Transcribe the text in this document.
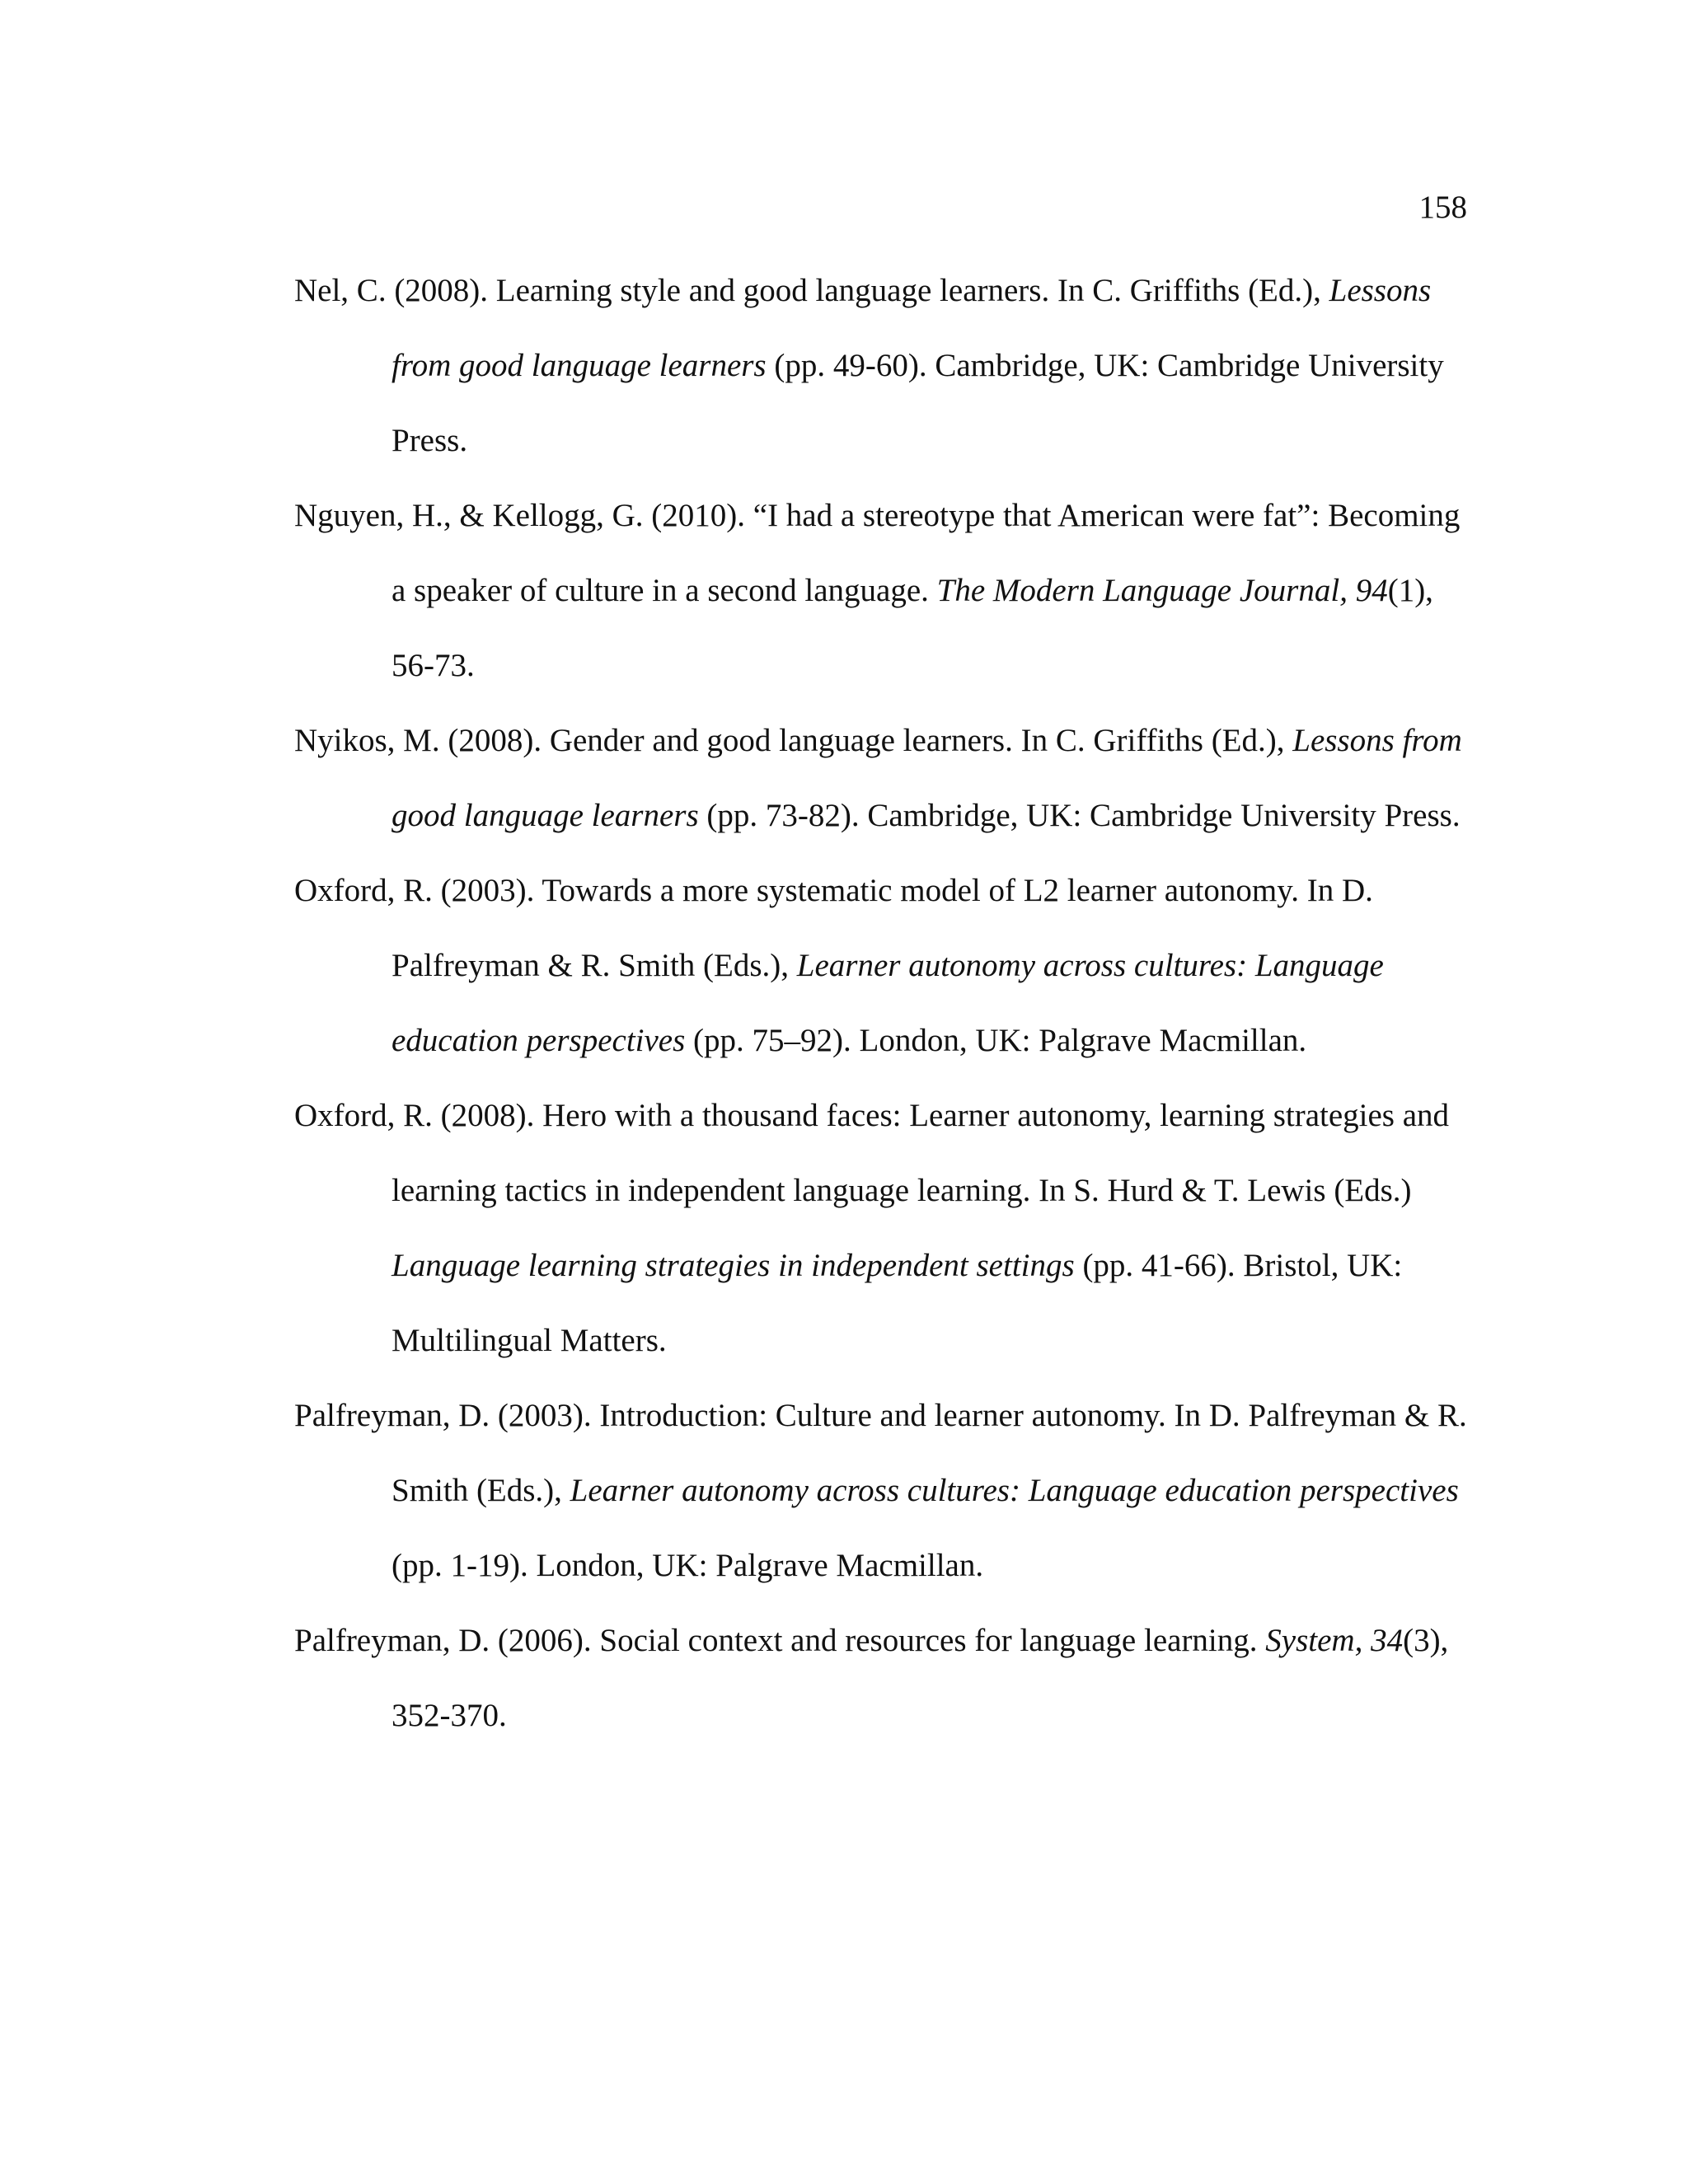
158

Nel, C. (2008). Learning style and good language learners. In C. Griffiths (Ed.), Lessons from good language learners (pp. 49-60). Cambridge, UK: Cambridge University Press.

Nguyen, H., & Kellogg, G. (2010). “I had a stereotype that American were fat”: Becoming a speaker of culture in a second language. The Modern Language Journal, 94(1), 56-73.

Nyikos, M. (2008). Gender and good language learners. In C. Griffiths (Ed.), Lessons from good language learners (pp. 73-82). Cambridge, UK: Cambridge University Press.

Oxford, R. (2003). Towards a more systematic model of L2 learner autonomy. In D. Palfreyman & R. Smith (Eds.), Learner autonomy across cultures: Language education perspectives (pp. 75–92). London, UK: Palgrave Macmillan.

Oxford, R. (2008). Hero with a thousand faces: Learner autonomy, learning strategies and learning tactics in independent language learning. In S. Hurd & T. Lewis (Eds.) Language learning strategies in independent settings (pp. 41-66). Bristol, UK: Multilingual Matters.

Palfreyman, D. (2003). Introduction: Culture and learner autonomy. In D. Palfreyman & R. Smith (Eds.), Learner autonomy across cultures: Language education perspectives (pp. 1-19). London, UK: Palgrave Macmillan.

Palfreyman, D. (2006). Social context and resources for language learning. System, 34(3), 352-370.
